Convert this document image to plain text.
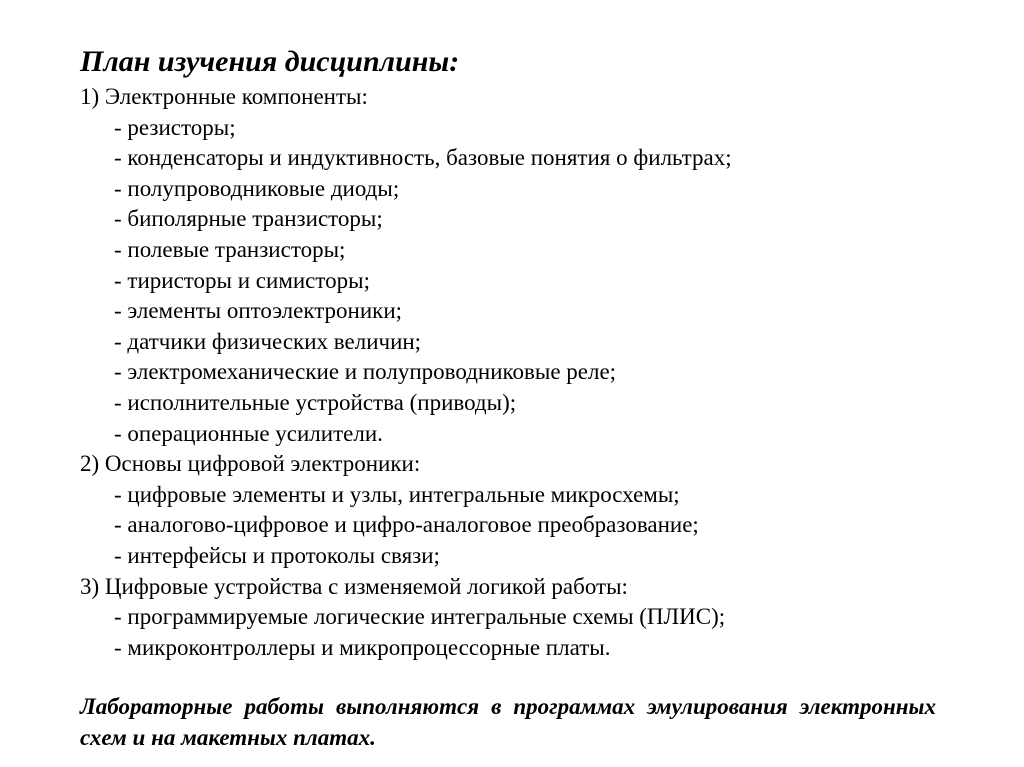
План изучения дисциплины:
1) Электронные компоненты:
- резисторы;
- конденсаторы и индуктивность, базовые понятия о фильтрах;
- полупроводниковые диоды;
- биполярные транзисторы;
- полевые транзисторы;
- тиристоры и симисторы;
- элементы оптоэлектроники;
- датчики физических величин;
- электромеханические и полупроводниковые реле;
- исполнительные устройства (приводы);
- операционные усилители.
2) Основы цифровой электроники:
- цифровые элементы и узлы, интегральные микросхемы;
- аналогово-цифровое и цифро-аналоговое преобразование;
- интерфейсы и протоколы связи;
3) Цифровые устройства с изменяемой логикой работы:
- программируемые логические интегральные схемы (ПЛИС);
- микроконтроллеры и микропроцессорные платы.

Лабораторные работы выполняются в программах эмулирования электронных схем и на макетных платах.
